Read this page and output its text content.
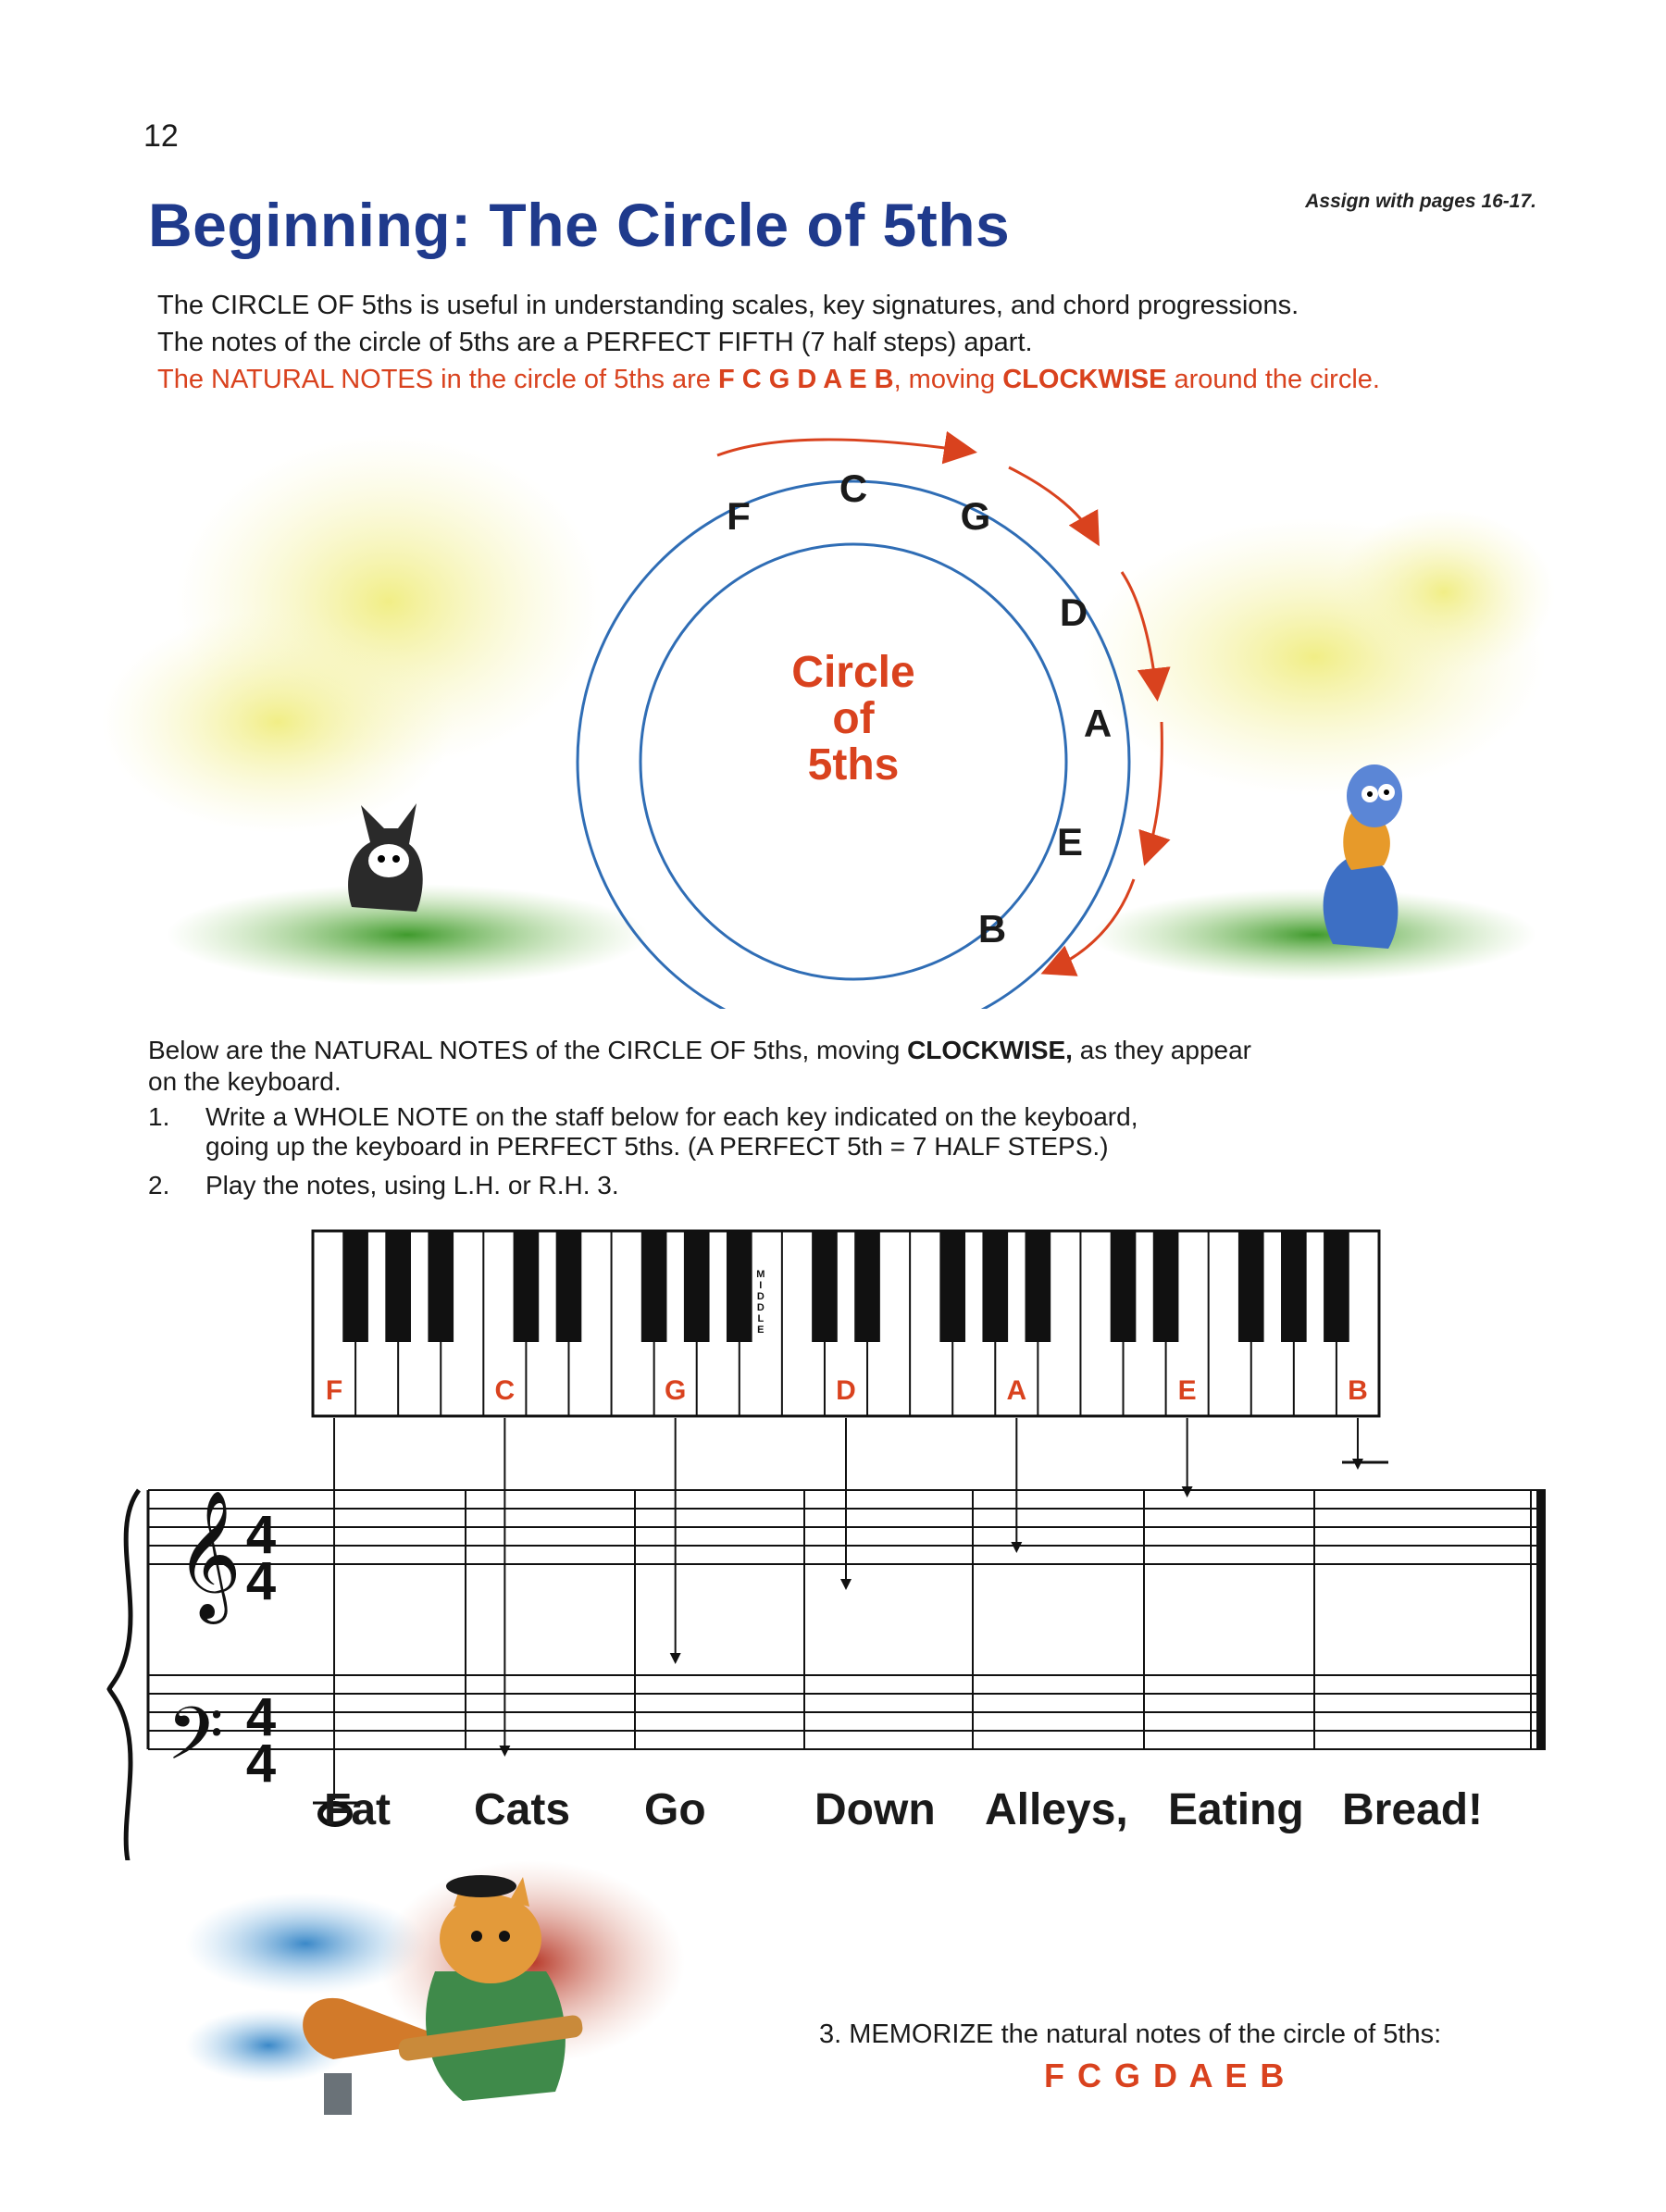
12
Assign with pages 16-17.
Beginning: The Circle of 5ths
The CIRCLE OF 5ths is useful in understanding scales, key signatures, and chord progressions.
The notes of the circle of 5ths are a PERFECT FIFTH (7 half steps) apart.
The NATURAL NOTES in the circle of 5ths are F C G D A E B, moving CLOCKWISE around the circle.
Circle
of
5ths
F
C
G
D
A
E
B
Below are the NATURAL NOTES of the CIRCLE OF 5ths, moving CLOCKWISE, as they appear
on the keyboard.
1. Write a WHOLE NOTE on the staff below for each key indicated on the keyboard,
going up the keyboard in PERFECT 5ths. (A PERFECT 5th = 7 HALF STEPS.)
2. Play the notes, using L.H. or R.H. 3.
M
I
D
D
L
E
F	C	G	D	A	E	B
𝄞
𝄢
4
4
4
4
Fat Cats Go Down Alleys, Eating Bread!
3. MEMORIZE the natural notes of the circle of 5ths:
F C G D A E B
